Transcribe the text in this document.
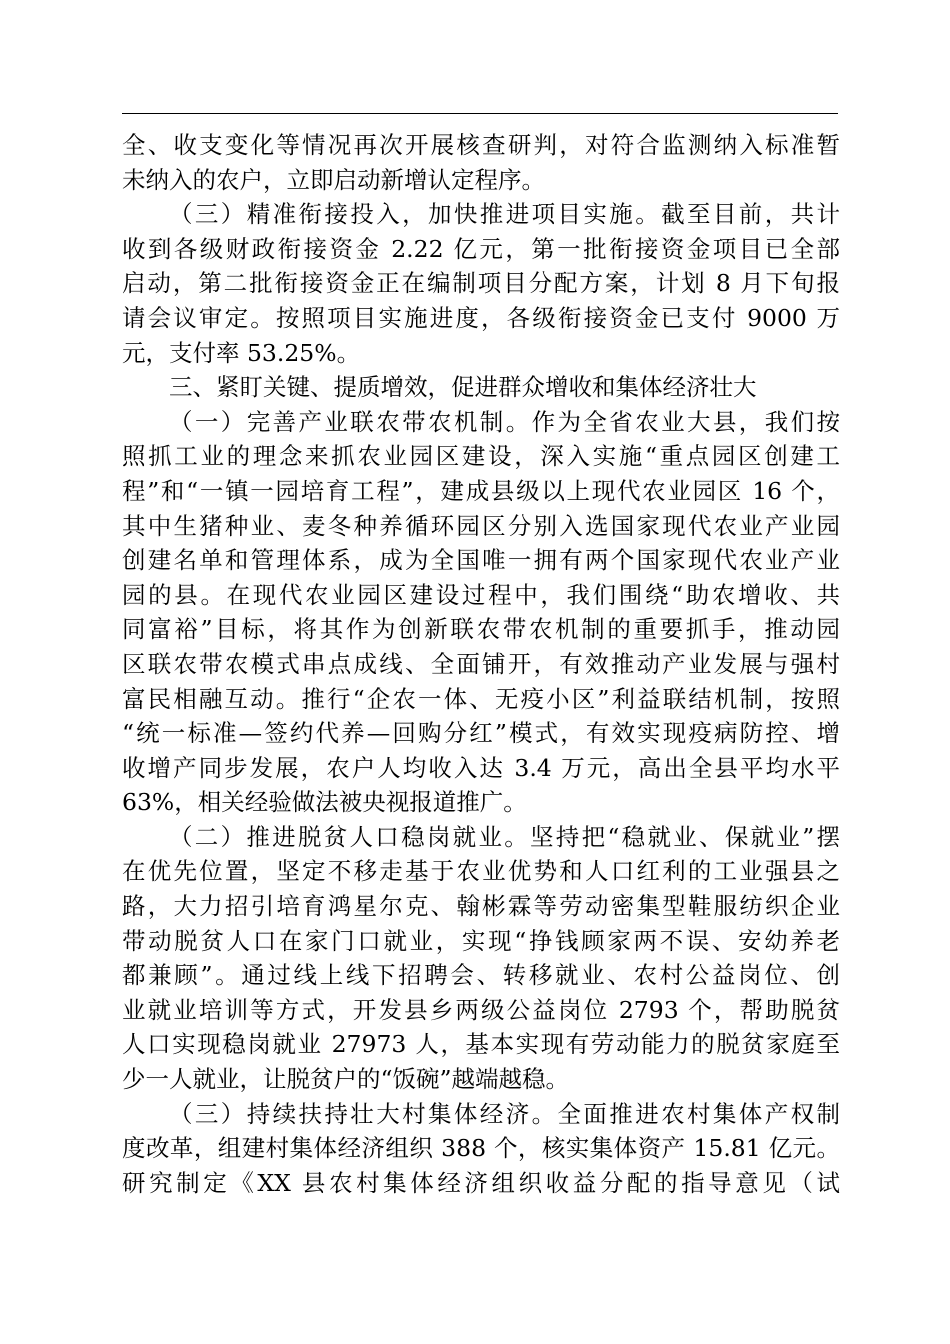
全、收支变化等情况再次开展核查研判，对符合监测纳入标准暂
未纳入的农户，立即启动新增认定程序。
（三）精准衔接投入，加快推进项目实施。截至目前，共计
收到各级财政衔接资金 2.22 亿元，第一批衔接资金项目已全部
启动，第二批衔接资金正在编制项目分配方案，计划 8 月下旬报
请会议审定。按照项目实施进度，各级衔接资金已支付 9000 万
元，支付率 53.25%。
三、紧盯关键、提质增效，促进群众增收和集体经济壮大
（一）完善产业联农带农机制。作为全省农业大县，我们按
照抓工业的理念来抓农业园区建设，深入实施“重点园区创建工
程”和“一镇一园培育工程”，建成县级以上现代农业园区 16 个，
其中生猪种业、麦冬种养循环园区分别入选国家现代农业产业园
创建名单和管理体系，成为全国唯一拥有两个国家现代农业产业
园的县。在现代农业园区建设过程中，我们围绕“助农增收、共
同富裕”目标，将其作为创新联农带农机制的重要抓手，推动园
区联农带农模式串点成线、全面铺开，有效推动产业发展与强村
富民相融互动。推行“企农一体、无疫小区”利益联结机制，按照
“统一标准—签约代养—回购分红”模式，有效实现疫病防控、增
收增产同步发展，农户人均收入达 3.4 万元，高出全县平均水平
63%，相关经验做法被央视报道推广。
（二）推进脱贫人口稳岗就业。坚持把“稳就业、保就业”摆
在优先位置，坚定不移走基于农业优势和人口红利的工业强县之
路，大力招引培育鸿星尔克、翰彬霖等劳动密集型鞋服纺织企业
带动脱贫人口在家门口就业，实现“挣钱顾家两不误、安幼养老
都兼顾”。通过线上线下招聘会、转移就业、农村公益岗位、创
业就业培训等方式，开发县乡两级公益岗位 2793 个，帮助脱贫
人口实现稳岗就业 27973 人，基本实现有劳动能力的脱贫家庭至
少一人就业，让脱贫户的“饭碗”越端越稳。
（三）持续扶持壮大村集体经济。全面推进农村集体产权制
度改革，组建村集体经济组织 388 个，核实集体资产 15.81 亿元。
研究制定《XX 县农村集体经济组织收益分配的指导意见（试
